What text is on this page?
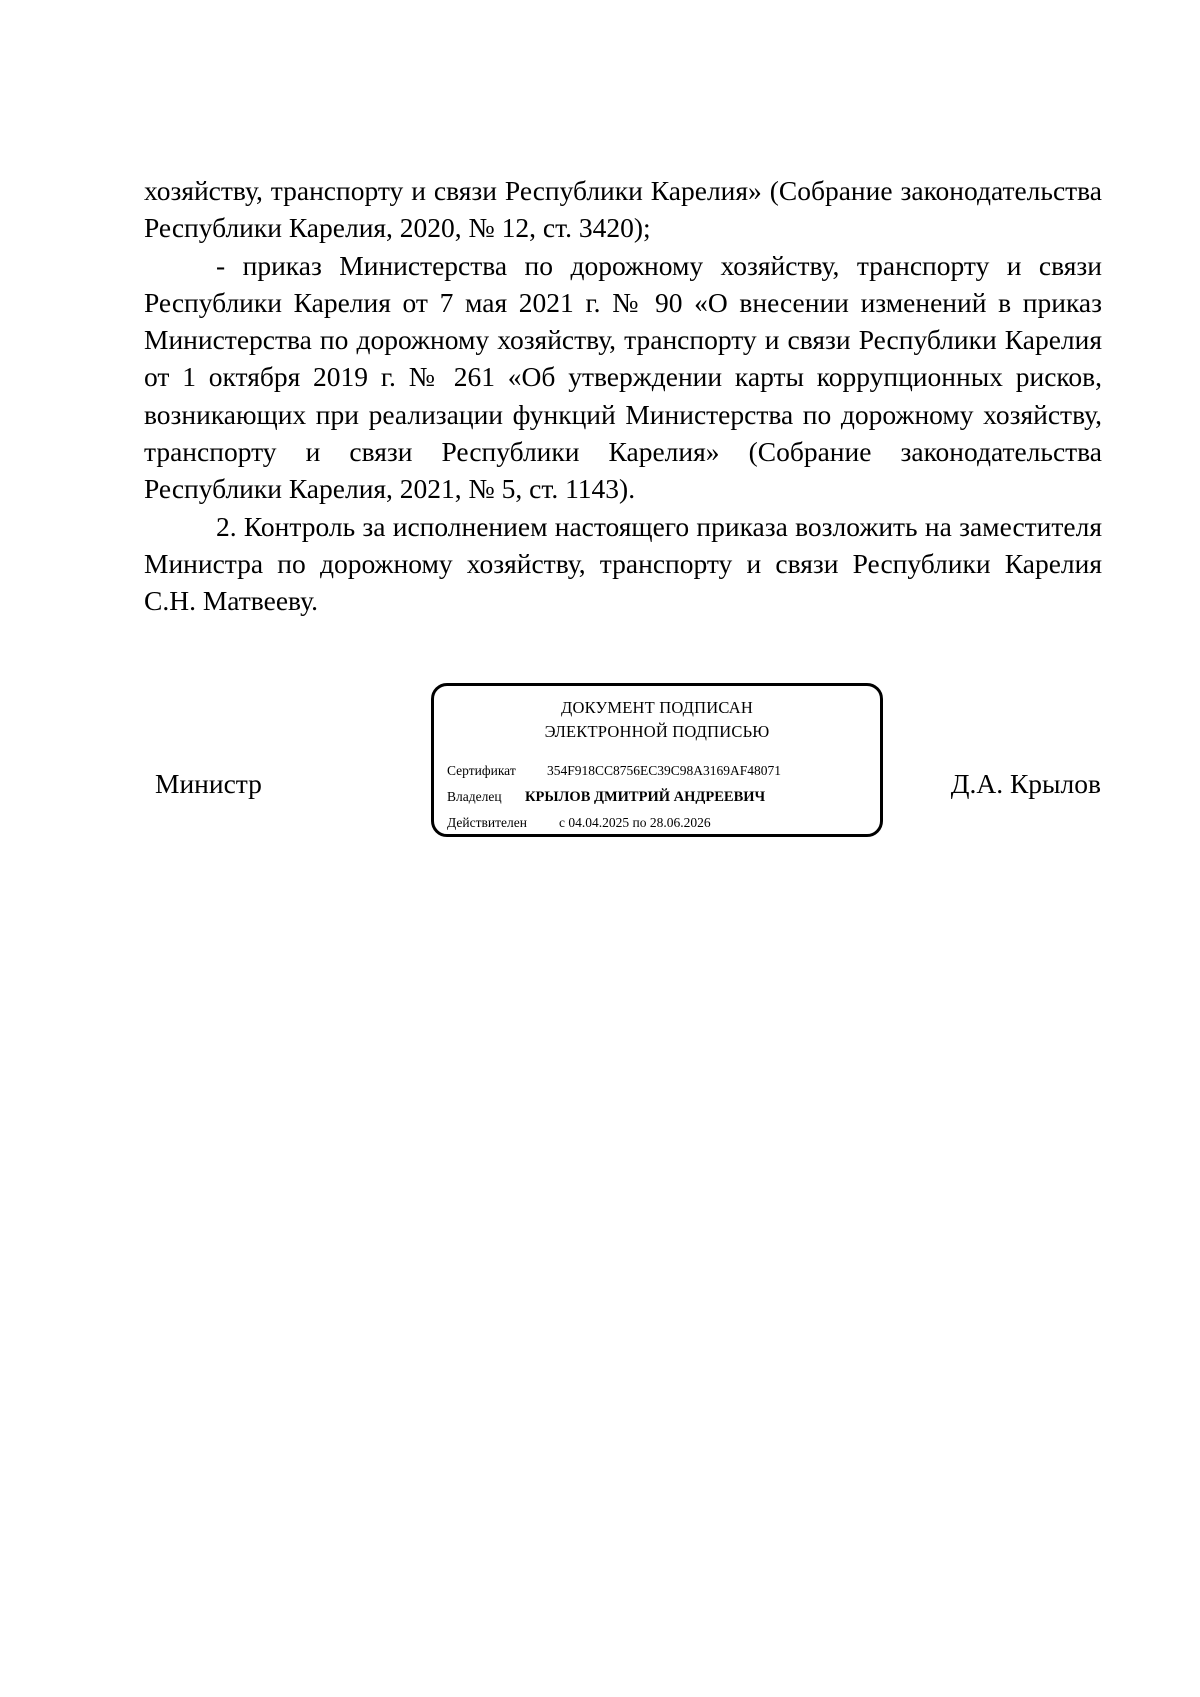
хозяйству, транспорту и связи Республики Карелия» (Собрание законодательства Республики Карелия, 2020, № 12, ст. 3420);

- приказ Министерства по дорожному хозяйству, транспорту и связи Республики Карелия от 7 мая 2021 г. № 90 «О внесении изменений в приказ Министерства по дорожному хозяйству, транспорту и связи Республики Карелия от 1 октября 2019 г. № 261 «Об утверждении карты коррупционных рисков, возникающих при реализации функций Министерства по дорожному хозяйству, транспорту и связи Республики Карелия» (Собрание законодательства Республики Карелия, 2021, № 5, ст. 1143).

2. Контроль за исполнением настоящего приказа возложить на заместителя Министра по дорожному хозяйству, транспорту и связи Республики Карелия С.Н. Матвееву.

Министр
ДОКУМЕНТ ПОДПИСАН
ЭЛЕКТРОННОЙ ПОДПИСЬЮ
Сертификат 354F918CC8756EC39C98A3169AF48071
Владелец КРЫЛОВ ДМИТРИЙ АНДРЕЕВИЧ
Действителен с 04.04.2025 по 28.06.2026
Д.А. Крылов
